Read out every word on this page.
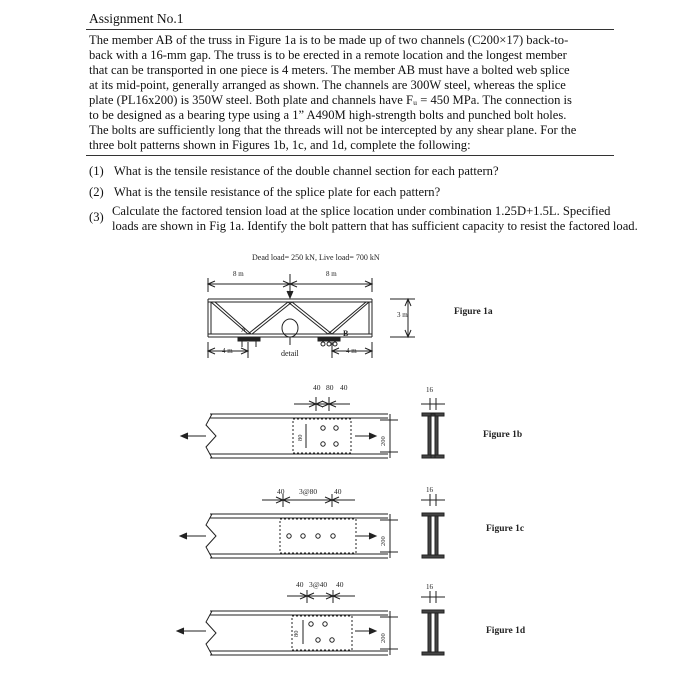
Assignment No.1
The member AB of the truss in Figure 1a is to be made up of two channels (C200×17) back-to-
back with a 16-mm gap. The truss is to be erected in a remote location and the longest member
that can be transported in one piece is 4 meters. The member AB must have a bolted web splice
at its mid-point, generally arranged as shown. The channels are 300W steel, whereas the splice
plate (PL16x200) is 350W steel. Both plate and channels have Fᵤ = 450 MPa. The connection is
to be designed as a bearing type using a 1” A490M high-strength bolts and punched bolt holes.
The bolts are sufficiently long that the threads will not be intercepted by any shear plane. For the
three bolt patterns shown in Figures 1b, 1c, and 1d, complete the following:
(1) What is the tensile resistance of the double channel section for each pattern?
(2) What is the tensile resistance of the splice plate for each pattern?
(3) Calculate the factored tension load at the splice location under combination 1.25D+1.5L. Specified
loads are shown in Fig 1a. Identify the bolt pattern that has sufficient capacity to resist the factored load.
Dead load= 250 kN, Live load= 700 kN
8 m	8 m
B
A
detail
4 m	4 m
3 m	Figure 1a
40 80 40
80	200
16
Figure 1b
40 3@80 40
200
16
Figure 1c
40 3@40 40
80	200
16
Figure 1d
